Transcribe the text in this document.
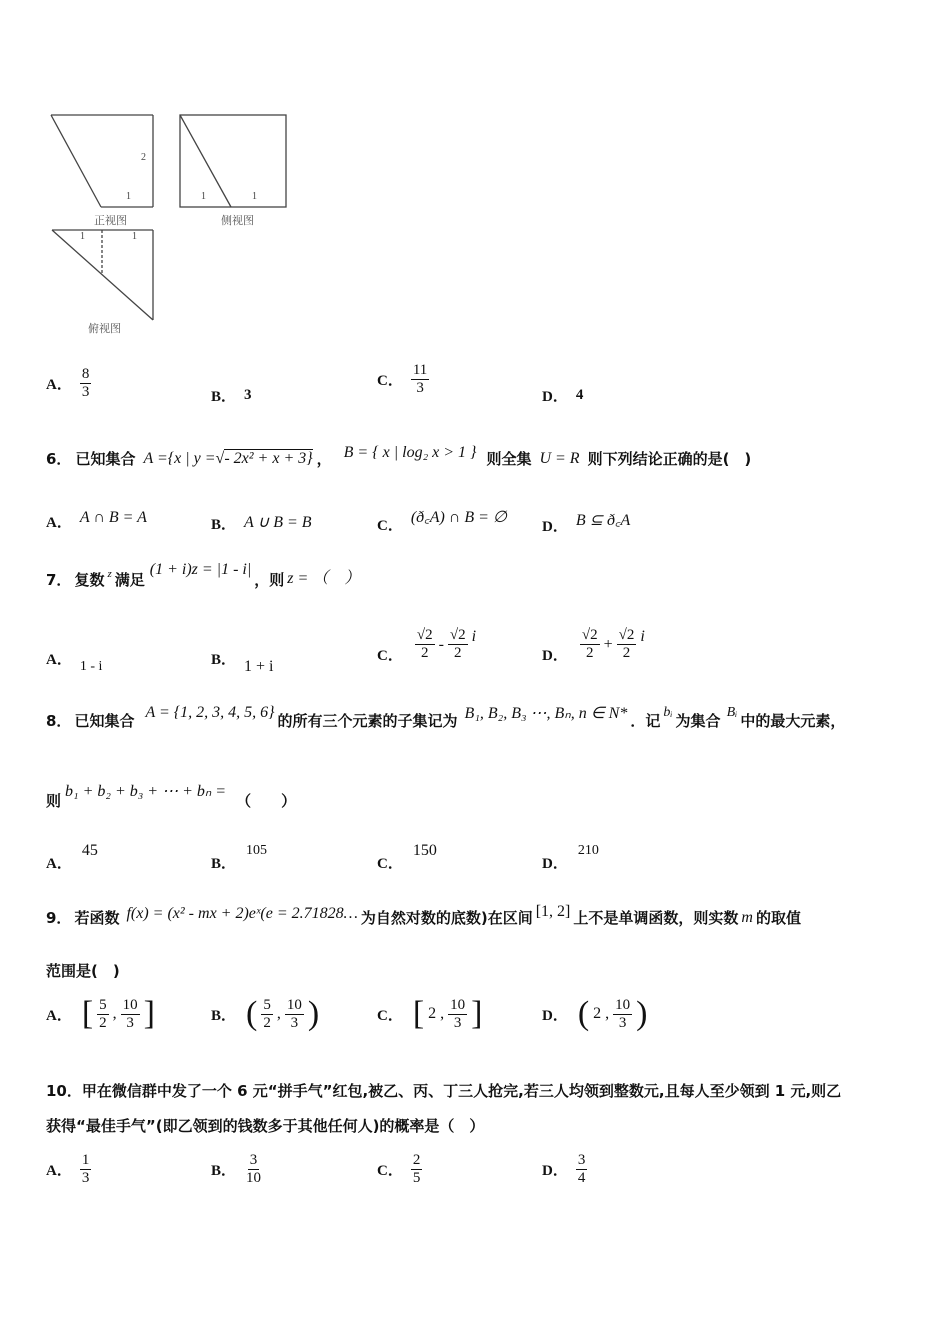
1
2
正视图
1	1
侧视图
1	1
俯视图
A． $\frac{8}{3}$	B． 3
C． $\frac{11}{3}$	D． 4
6． 已知集合 A ={x | y =√- 2x² + x + 3} ， B = { x | log₂ x > 1 } 则全集 U = R 则下列结论正确的是(　)
A． A ∩ B = A	B． A ∪ B = B	C． (ð꜀A) ∩ B = ∅
D． B ⊆ ð꜀A
7． 复数 z 满足
(1 + i)z = |1 - i|
，则 z = （　）
A． 1 - i	B． 1 + i
C． $\frac{√2}{2} - \frac{√2}{2}$ i
D． $\frac{√2}{2} + \frac{√2}{2}$ i
8． 已知集合 A = {1, 2, 3, 4, 5, 6} 的所有三个元素的子集记为 B₁, B₂, B₃ ⋯, Bₙ, n ∈ N* ．记 bᵢ 为集合 Bᵢ 中的最大元素，
则
b₁ + b₂ + b₃ + ⋯ + bₙ =
（　　）
A．
45
B．
105
C．
150
D．
210
9． 若函数 f(x) = (x² - mx + 2)eˣ(e = 2.71828… 为自然对数的底数)在区间 [1, 2] 上不是单调函数，则实数 m 的取值
范围是(　)
A． [ $\frac{5}{2}$ , $\frac{10}{3}$ ]	B． ( $\frac{5}{2}$ , $\frac{10}{3}$ )	C． [ 2 , $\frac{10}{3}$ ]	D． ( 2 , $\frac{10}{3}$ )
10．甲在微信群中发了一个 6 元“拼手气”红包,被乙、丙、丁三人抢完,若三人均领到整数元,且每人至少领到 1 元,则乙
获得“最佳手气”(即乙领到的钱数多于其他任何人)的概率是（　）
A． $\frac{1}{3}$	B． $\frac{3}{10}$	C． $\frac{2}{5}$	D． $\frac{3}{4}$
